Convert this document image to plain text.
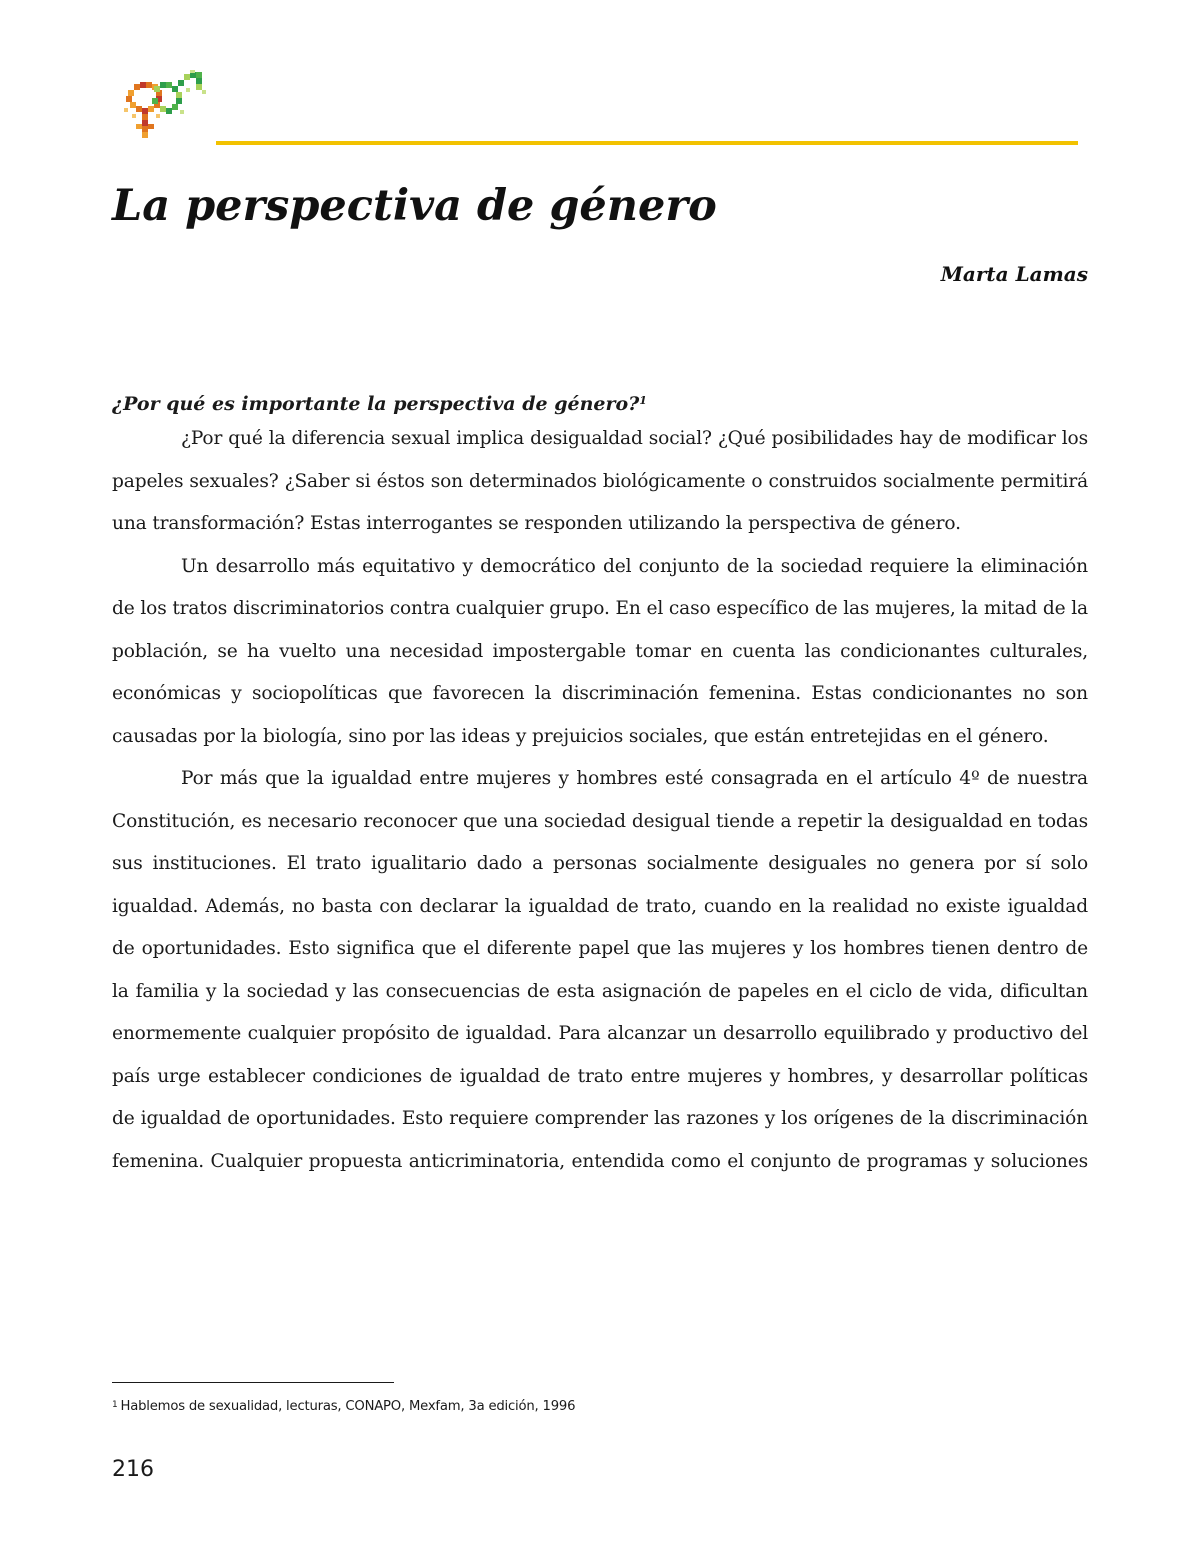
La perspectiva de género
Marta Lamas
¿Por qué es importante la perspectiva de género?$^1$

¿Por qué la diferencia sexual implica desigualdad social? ¿Qué posibilidades hay de modificar los papeles sexuales? ¿Saber si éstos son determinados biológicamente o construidos socialmente permitirá una transformación? Estas interrogantes se responden utilizando la perspectiva de género.

Un desarrollo más equitativo y democrático del conjunto de la sociedad requiere la eliminación de los tratos discriminatorios contra cualquier grupo. En el caso específico de las mujeres, la mitad de la población, se ha vuelto una necesidad impostergable tomar en cuenta las condicionantes culturales, económicas y sociopolíticas que favorecen la discriminación femenina. Estas condicionantes no son causadas por la biología, sino por las ideas y prejuicios sociales, que están entretejidas en el género.

Por más que la igualdad entre mujeres y hombres esté consagrada en el artículo 4º de nuestra Constitución, es necesario reconocer que una sociedad desigual tiende a repetir la desigualdad en todas sus instituciones. El trato igualitario dado a personas socialmente desiguales no genera por sí solo igualdad. Además, no basta con declarar la igualdad de trato, cuando en la realidad no existe igualdad de oportunidades. Esto significa que el diferente papel que las mujeres y los hombres tienen dentro de la familia y la sociedad y las consecuencias de esta asignación de papeles en el ciclo de vida, dificultan enormemente cualquier propósito de igualdad. Para alcanzar un desarrollo equilibrado y productivo del país urge establecer condiciones de igualdad de trato entre mujeres y hombres, y desarrollar políticas de igualdad de oportunidades. Esto requiere comprender las razones y los orígenes de la discriminación femenina. Cualquier propuesta anticriminatoria, entendida como el conjunto de programas y soluciones

$^1$ Hablemos de sexualidad, lecturas, CONAPO, Mexfam, 3a edición, 1996
216
